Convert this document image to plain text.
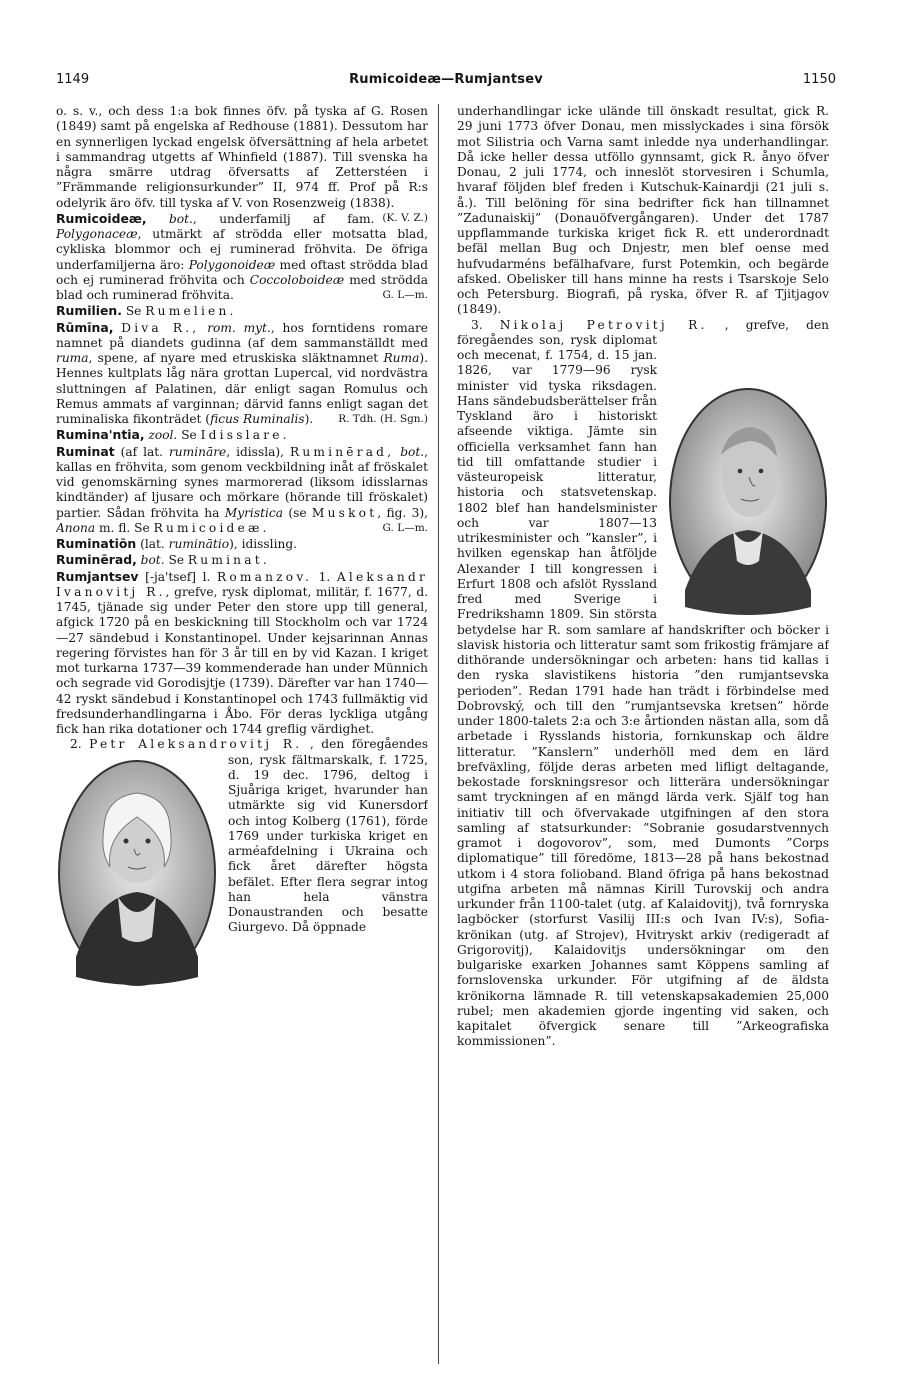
1149	Rumicoideæ—Rumjantsev	1150

o. s. v., och dess 1:a bok finnes öfv. på tyska af G. Rosen (1849) samt på engelska af Redhouse (1881). Dessutom har en synnerligen lyckad engelsk öfversättning af hela arbetet i sammandrag utgetts af Whinfield (1887). Till svenska ha några smärre utdrag öfversatts af Zetterstéen i ”Främmande religionsurkunder” II, 974 ff. Prof på R:s odelyrik äro öfv. till tyska af V. von Rosenzweig (1838).
(K. V. Z.)

Rumicoideæ, bot., underfamilj af fam. Polygonaceæ, utmärkt af strödda eller motsatta blad, cykliska blommor och ej ruminerad fröhvita. De öfriga underfamiljerna äro: Polygonoideæ med oftast strödda blad och ej ruminerad fröhvita och Coccoloboideæ med strödda blad och ruminerad fröhvita.	G. L—m.

Rumilien. Se Rumelien.

Rūmīna, Diva R., rom. myt., hos forntidens romare namnet på diandets gudinna (af dem sammanställdt med ruma, spene, af nyare med etruskiska släktnamnet Ruma). Hennes kultplats låg nära grottan Lupercal, vid nordvästra sluttningen af Palatinen, där enligt sagan Romulus och Remus ammats af varginnan; därvid fanns enligt sagan det ruminaliska fikonträdet (ficus Ruminalis). R. Tdh. (H. Sgn.)

Rumina'ntia, zool. Se Idisslare.

Ruminat (af lat. rumināre, idissla), Ruminērad, bot., kallas en fröhvita, som genom veckbildning inåt af fröskalet vid genomskärning synes marmorerad (liksom idisslarnas kindtänder) af ljusare och mörkare (hörande till fröskalet) partier. Sådan fröhvita ha Myristica (se Muskot, fig. 3), Anona m. fl. Se Rumicoideæ.	G. L—m.

Ruminatiōn (lat. ruminātio), idissling.

Ruminērad, bot. Se Ruminat.

Rumjantsev [-ja'tsef] l. Romanzov. 1. Aleksandr Ivanovitj R., grefve, rysk diplomat, militär, f. 1677, d. 1745, tjänade sig under Peter den store upp till general, afgick 1720 på en beskickning till Stockholm och var 1724—27 sändebud i Konstantinopel. Under kejsarinnan Annas regering förvistes han för 3 år till en by vid Kazan. I kriget mot turkarna 1737—39 kommenderade han under Münnich och segrade vid Gorodisjtje (1739). Därefter var han 1740—42 ryskt sändebud i Konstantinopel och 1743 fullmäktig vid fredsunderhandlingarna i Åbo. För deras lyckliga utgång fick han rika dotationer och 1744 greflig värdighet.

2. Petr Aleksandrovitj R. , den föregåendes son, rysk fältmarskalk, f. 1725, d. 19 dec. 1796, deltog i Sjuåriga kriget, hvarunder han utmärkte sig vid Kunersdorf och intog Kolberg (1761), förde 1769 under turkiska kriget en arméafdelning i Ukraina och fick året därefter högsta befälet. Efter flera segrar intog han hela vänstra Donaustranden och besatte Giurgevo. Då öppnade

underhandlingar icke ulände till önskadt resultat, gick R. 29 juni 1773 öfver Donau, men misslyckades i sina försök mot Silistria och Varna samt inledde nya underhandlingar. Då icke heller dessa utföllo gynnsamt, gick R. ånyo öfver Donau, 2 juli 1774, och inneslöt storvesiren i Schumla, hvaraf följden blef freden i Kutschuk-Kainardji (21 juli s. å.). Till belöning för sina bedrifter fick han tillnamnet ”Zadunaiskij” (Donauöfvergångaren). Under det 1787 uppflammande turkiska kriget fick R. ett underordnadt befäl mellan Bug och Dnjestr, men blef oense med hufvudarméns befälhafvare, furst Potemkin, och begärde afsked. Obelisker till hans minne ha rests i Tsarskoje Selo och Petersburg. Biografi, på ryska, öfver R. af Tjitjagov (1849).

3. Nikolaj Petrovitj R. , grefve, den föregåendes son, rysk diplomat och mecenat, f. 1754, d. 15 jan. 1826, var 1779—96 rysk minister vid tyska riksdagen. Hans sändebudsberättelser från Tyskland äro i historiskt afseende viktiga. Jämte sin officiella verksamhet fann han tid till omfattande studier i västeuropeisk litteratur, historia och statsvetenskap. 1802 blef han handelsminister och var 1807—13 utrikesminister och ”kansler”, i hvilken egenskap han åtföljde Alexander I till kongressen i Erfurt 1808 och afslöt Ryssland fred med Sverige i Fredrikshamn 1809. Sin största betydelse har R. som samlare af handskrifter och böcker i slavisk historia och litteratur samt som frikostig främjare af dithörande undersökningar och arbeten: hans tid kallas i den ryska slavistikens historia ”den rumjantsevska perioden”. Redan 1791 hade han trädt i förbindelse med Dobrovský, och till den ”rumjantsevska kretsen” hörde under 1800-talets 2:a och 3:e årtionden nästan alla, som då arbetade i Rysslands historia, fornkunskap och äldre litteratur. ”Kanslern” underhöll med dem en lärd brefväxling, följde deras arbeten med lifligt deltagande, bekostade forskningsresor och litterära undersökningar samt tryckningen af en mängd lärda verk. Själf tog han initiativ till och öfvervakade utgifningen af den stora samling af statsurkunder: ”Sobranie gosudarstvennych gramot i dogovorov”, som, med Dumonts ”Corps diplomatique” till föredöme, 1813—28 på hans bekostnad utkom i 4 stora folioband. Bland öfriga på hans bekostnad utgifna arbeten må nämnas Kirill Turovskij och andra urkunder från 1100-talet (utg. af Kalaidovitj), två fornryska lagböcker (storfurst Vasilij III:s och Ivan IV:s), Sofia-krönikan (utg. af Strojev), Hvitryskt arkiv (redigeradt af Grigorovitj), Kalaidovitjs undersökningar om den bulgariske exarken Johannes samt Köppens samling af fornslovenska urkunder. För utgifning af de äldsta krönikorna lämnade R. till vetenskapsakademien 25,000 rubel; men akademien gjorde ingenting vid saken, och kapitalet öfvergick senare till ”Arkeografiska kommissionen”.
